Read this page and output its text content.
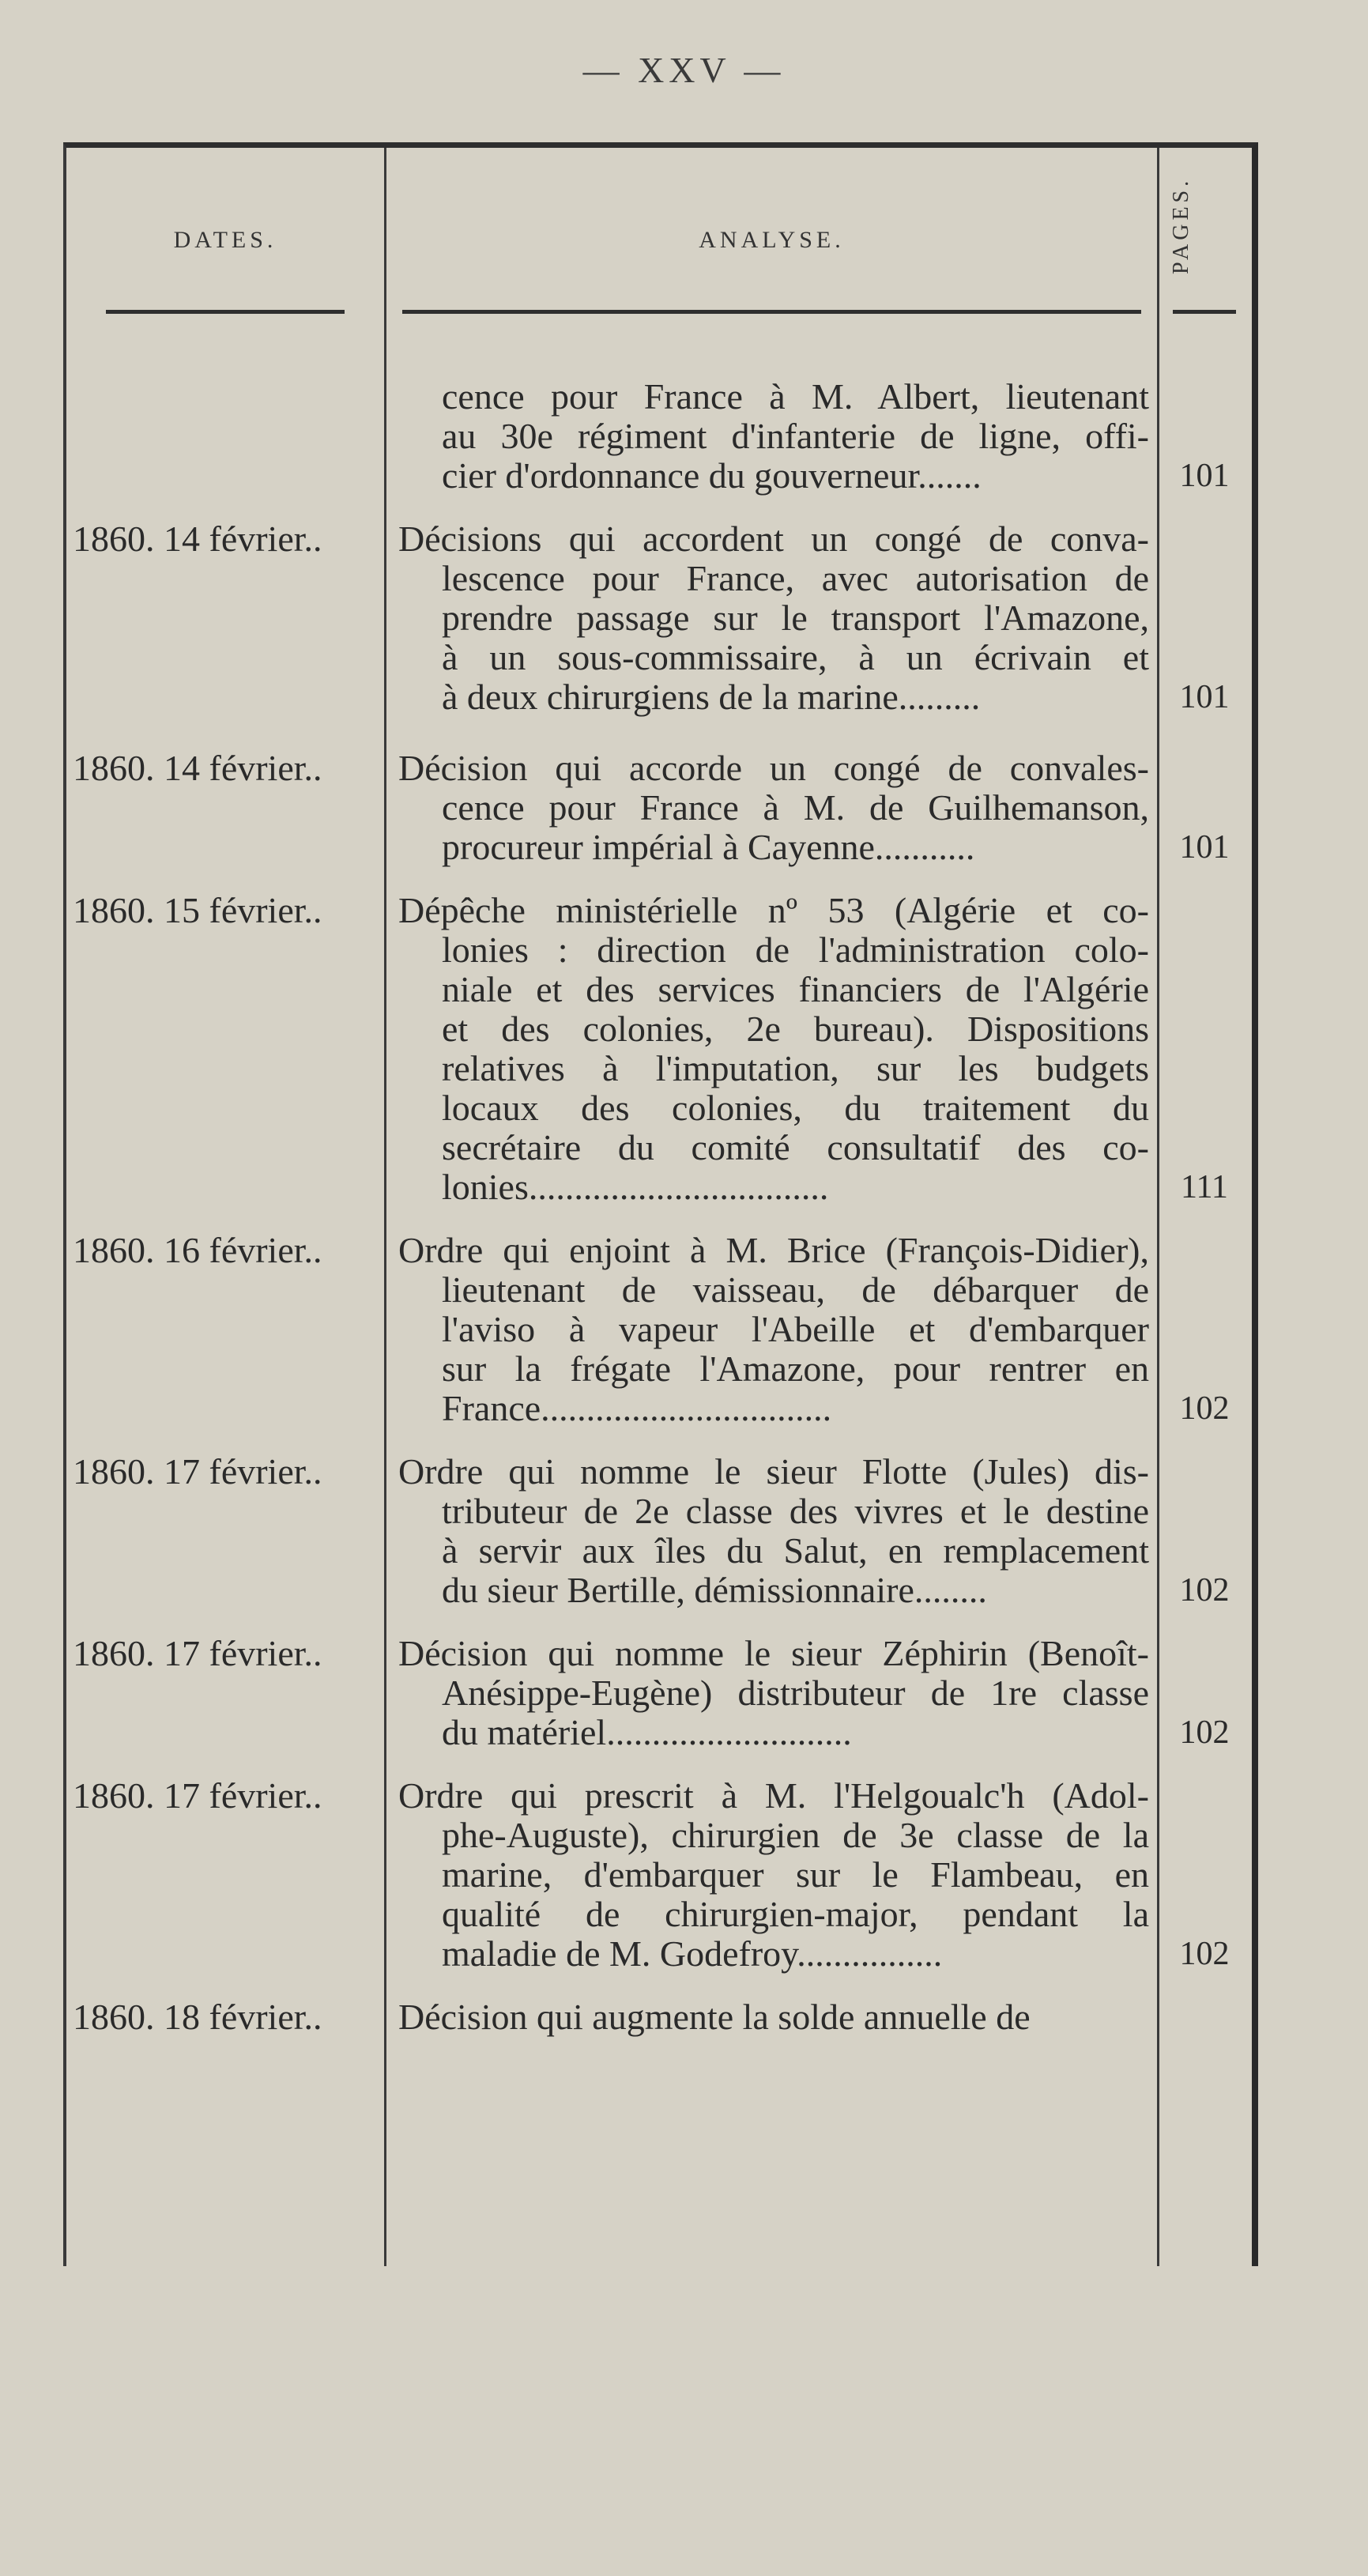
— XXV —
DATES.	ANALYSE.	PAGES.
cence pour France à M. Albert, lieutenant
au 30e régiment d'infanterie de ligne, offi-
cier d'ordonnance du gouverneur.......	101
1860. 14 février..	Décisions qui accordent un congé de conva-
lescence pour France, avec autorisation de
prendre passage sur le transport l'Amazone,
à un sous-commissaire, à un écrivain et
à deux chirurgiens de la marine.........	101
1860. 14 février..	Décision qui accorde un congé de convales-
cence pour France à M. de Guilhemanson,
procureur impérial à Cayenne...........	101
1860. 15 février..	Dépêche ministérielle nº 53 (Algérie et co-
lonies : direction de l'administration colo-
niale et des services financiers de l'Algérie
et des colonies, 2e bureau). Dispositions
relatives à l'imputation, sur les budgets
locaux des colonies, du traitement du
secrétaire du comité consultatif des co-
lonies.................................	111
1860. 16 février..	Ordre qui enjoint à M. Brice (François-Didier),
lieutenant de vaisseau, de débarquer de
l'aviso à vapeur l'Abeille et d'embarquer
sur la frégate l'Amazone, pour rentrer en
France................................	102
1860. 17 février..	Ordre qui nomme le sieur Flotte (Jules) dis-
tributeur de 2e classe des vivres et le destine
à servir aux îles du Salut, en remplacement
du sieur Bertille, démissionnaire........	102
1860. 17 février..	Décision qui nomme le sieur Zéphirin (Benoît-
Anésippe-Eugène) distributeur de 1re classe
du matériel...........................	102
1860. 17 février..	Ordre qui prescrit à M. l'Helgoualc'h (Adol-
phe-Auguste), chirurgien de 3e classe de la
marine, d'embarquer sur le Flambeau, en
qualité de chirurgien-major, pendant la
maladie de M. Godefroy................	102
1860. 18 février..	Décision qui augmente la solde annuelle de
